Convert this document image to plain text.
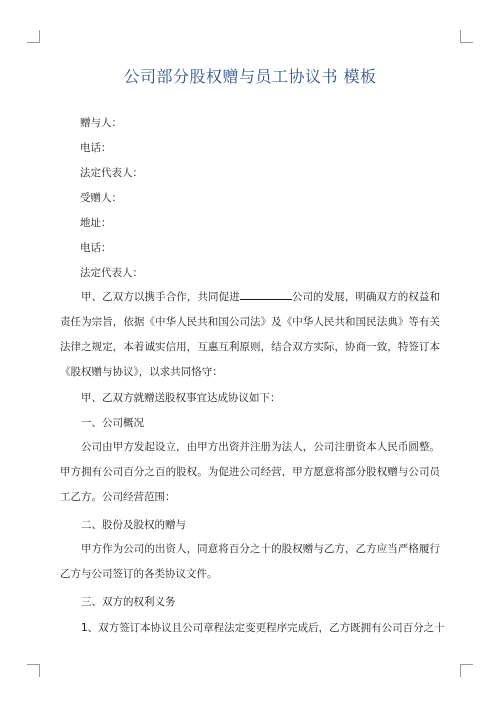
公司部分股权赠与员工协议书 模板
赠与人：
电话：
法定代表人：
受赠人：
地址：
电话：
法定代表人：
甲、乙双方以携手合作，共同促进	公司的发展，明确双方的权益和责任为宗旨，依据《中华人民共和国公司法》及《中华人民共和国民法典》等有关法律之规定，本着诚实信用，互惠互利原则，结合双方实际，协商一致，特签订本《股权赠与协议》，以求共同恪守：
甲、乙双方就赠送股权事宜达成协议如下：
一、公司概况
公司由甲方发起设立，由甲方出资并注册为法人，公司注册资本人民币圆整。甲方拥有公司百分之百的股权。为促进公司经营，甲方愿意将部分股权赠与公司员工乙方。公司经营范围：
二、股份及股权的赠与
甲方作为公司的出资人，同意将百分之十的股权赠与乙方，乙方应当严格履行乙方与公司签订的各类协议文件。
三、双方的权利义务
1、双方签订本协议且公司章程法定变更程序完成后，乙方既拥有公司百分之十
